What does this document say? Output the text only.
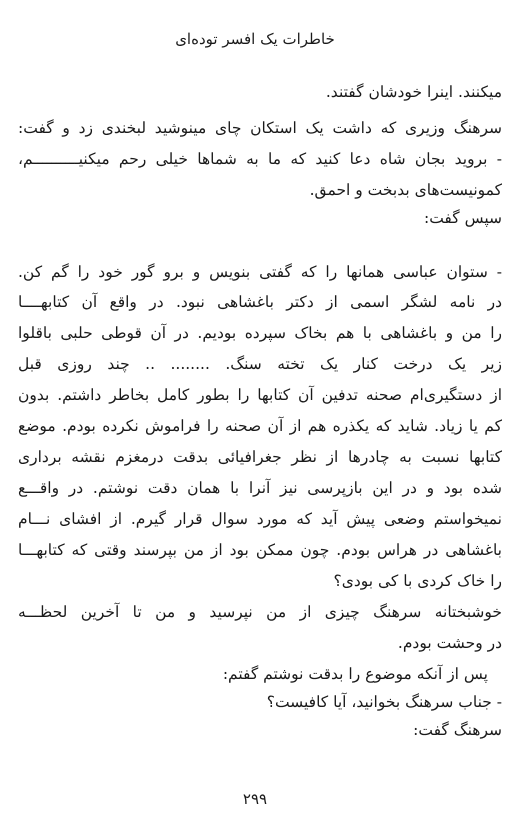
خاطرات یک افسر توده‌ای
میکنند. اینرا خودشان گفتند.
سرهنگ وزیری که داشت یک استکان چای مینوشید لبخندی زد و گفت:
- بروید بجان شاه دعا کنید که ما به شماها خیلی رحم میکنیــــــــــم،
کمونیست‌های بدبخت و احمق.
سپس گفت:
- ستوان عباسی همانها را که گفتی بنویس و برو گور خود را گم کن.
در نامه لشگر اسمی از دکتر باغشاهی نبود. در واقع آن کتابهــــا
را من و باغشاهی با هم بخاک سپرده بودیم. در آن قوطی حلبی باقلوا
زیر یک درخت کنار یک تخته سنگ. ........ .. چند روزی قبل
از دستگیری‌ام صحنه تدفین آن کتابها را بطور کامل بخاطر داشتم. بدون
کم یا زیاد. شاید که یکذره هم از آن صحنه را فراموش نکرده بودم. موضع
کتابها نسبت به چادرها از نظر جغرافیائی بدقت درمغزم نقشه برداری
شده بود و در این بازپرسی نیز آنرا با همان دقت نوشتم. در واقـــع
نمیخواستم وضعی پیش آید که مورد سوال قرار گیرم. از افشای نـــام
باغشاهی در هراس بودم. چون ممکن بود از من بپرسند وقتی که کتابهـــا
را خاک کردی با کی بودی؟
خوشبختانه سرهنگ چیزی از من نپرسید و من تا آخرین لحظـــه
در وحشت بودم.
پس از آنکه موضوع را بدقت نوشتم گفتم:
- جناب سرهنگ بخوانید، آیا کافیست؟
سرهنگ گفت:
۲۹۹
